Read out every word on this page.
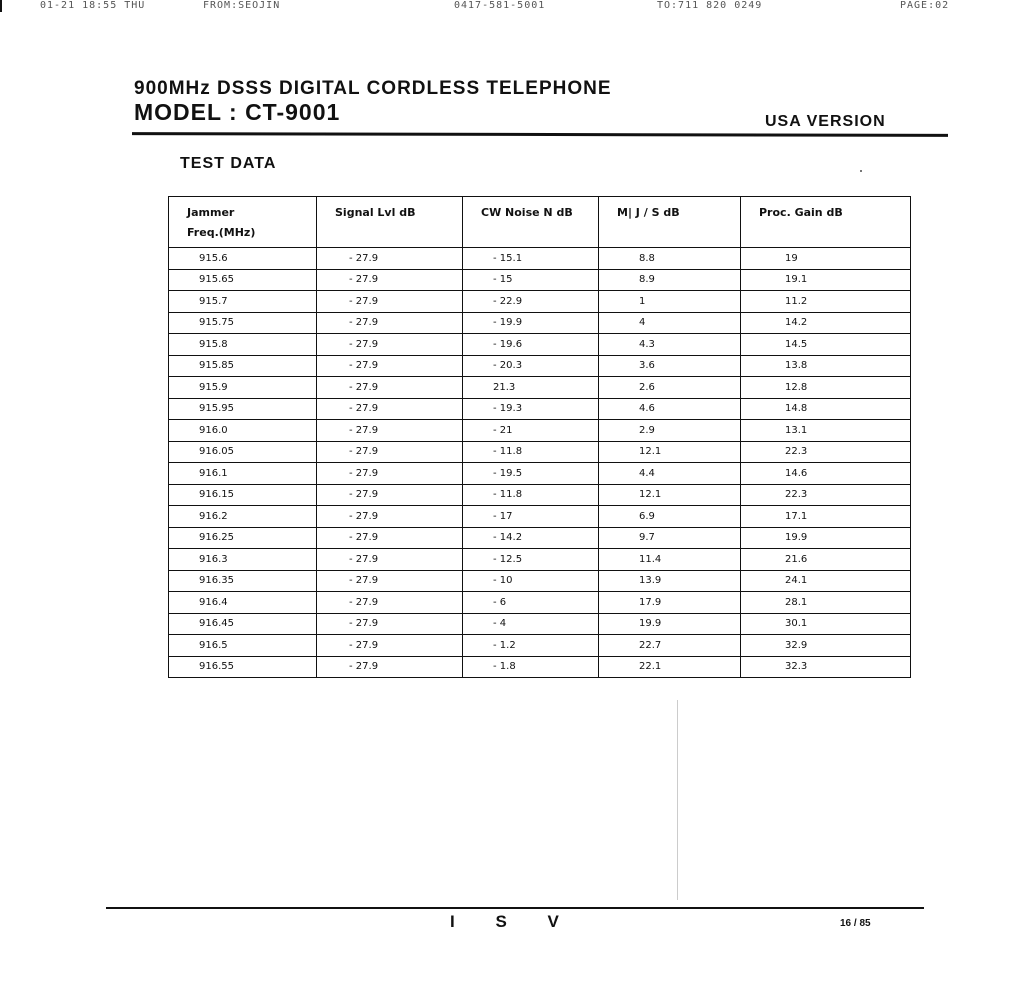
01-21 18:55 THU	FROM:SEOJIN	0417-581-5001	TO:711 820 0249	PAGE:02
900MHz DSSS DIGITAL CORDLESS TELEPHONE
MODEL : CT-9001	USA VERSION
TEST DATA
Jammer
Freq.(MHz)	Signal Lvl dB	CW Noise N dB	M| J / S dB	Proc. Gain dB
915.6	- 27.9	- 15.1	8.8	19
915.65	- 27.9	- 15	8.9	19.1
915.7	- 27.9	- 22.9	1	11.2
915.75	- 27.9	- 19.9	4	14.2
915.8	- 27.9	- 19.6	4.3	14.5
915.85	- 27.9	- 20.3	3.6	13.8
915.9	- 27.9	21.3	2.6	12.8
915.95	- 27.9	- 19.3	4.6	14.8
916.0	- 27.9	- 21	2.9	13.1
916.05	- 27.9	- 11.8	12.1	22.3
916.1	- 27.9	- 19.5	4.4	14.6
916.15	- 27.9	- 11.8	12.1	22.3
916.2	- 27.9	- 17	6.9	17.1
916.25	- 27.9	- 14.2	9.7	19.9
916.3	- 27.9	- 12.5	11.4	21.6
916.35	- 27.9	- 10	13.9	24.1
916.4	- 27.9	- 6	17.9	28.1
916.45	- 27.9	- 4	19.9	30.1
916.5	- 27.9	- 1.2	22.7	32.9
916.55	- 27.9	- 1.8	22.1	32.3
I S V	16 / 85
